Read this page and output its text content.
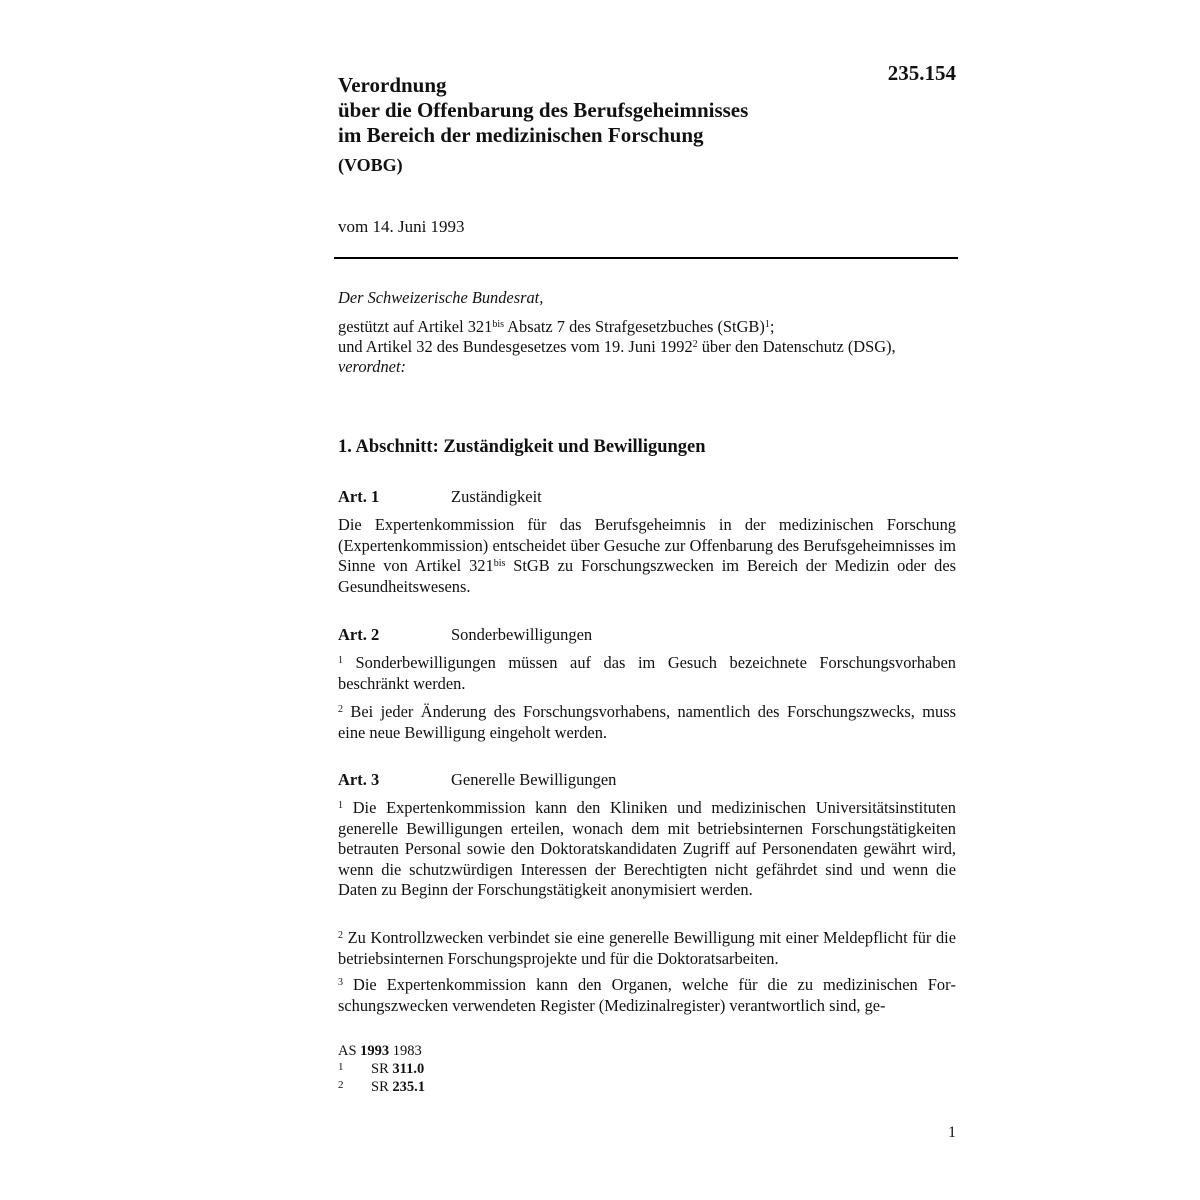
235.154
Verordnung
über die Offenbarung des Berufsgeheimnisses
im Bereich der medizinischen Forschung
(VOBG)
vom 14. Juni 1993
Der Schweizerische Bundesrat,
gestützt auf Artikel $321^{bis}$ Absatz 7 des Strafgesetzbuches (StGB)$^1$;
und Artikel 32 des Bundesgesetzes vom 19. Juni 1992$^2$ über den Datenschutz (DSG),
verordnet:
1. Abschnitt: Zuständigkeit und Bewilligungen
Art. 1	Zuständigkeit
Die Expertenkommission für das Berufsgeheimnis in der medizinischen Forschung (Expertenkommission) entscheidet über Gesuche zur Offenbarung des Berufsgeheimnisses im Sinne von Artikel $321^{bis}$ StGB zu Forschungszwecken im Bereich der Medizin oder des Gesundheitswesens.
Art. 2	Sonderbewilligungen
$^1$ Sonderbewilligungen müssen auf das im Gesuch bezeichnete Forschungsvorhaben beschränkt werden.
$^2$ Bei jeder Änderung des Forschungsvorhabens, namentlich des Forschungszwecks, muss eine neue Bewilligung eingeholt werden.
Art. 3	Generelle Bewilligungen
$^1$ Die Expertenkommission kann den Kliniken und medizinischen Universitätsinstituten generelle Bewilligungen erteilen, wonach dem mit betriebsinternen Forschungstätigkeiten betrauten Personal sowie den Doktoratskandidaten Zugriff auf Personendaten gewährt wird, wenn die schutzwürdigen Interessen der Berechtigten nicht gefährdet sind und wenn die Daten zu Beginn der Forschungstätigkeit anonymisiert werden.
$^2$ Zu Kontrollzwecken verbindet sie eine generelle Bewilligung mit einer Meldepflicht für die betriebsinternen Forschungsprojekte und für die Doktoratsarbeiten.
$^3$ Die Expertenkommission kann den Organen, welche für die zu medizinischen Forschungszwecken verwendeten Register (Medizinalregister) verantwortlich sind, ge-
AS 1993 1983
1 SR 311.0
2 SR 235.1
1
